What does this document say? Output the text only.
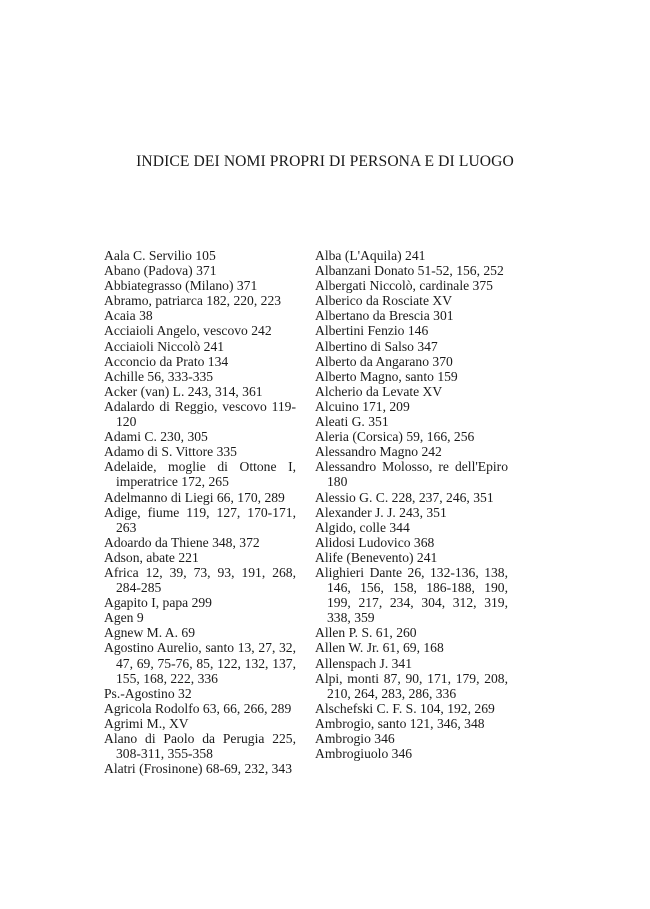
INDICE DEI NOMI PROPRI DI PERSONA E DI LUOGO

Aala C. Servilio 105

Abano (Padova) 371

Abbiategrasso (Milano) 371

Abramo, patriarca 182, 220, 223

Acaia 38

Acciaioli Angelo, vescovo 242

Acciaioli Niccolò 241

Acconcio da Prato 134

Achille 56, 333-335

Acker (van) L. 243, 314, 361

Adalardo di Reggio, vescovo 119-120

Adami C. 230, 305

Adamo di S. Vittore 335

Adelaide, moglie di Ottone I, imperatrice 172, 265

Adelmanno di Liegi 66, 170, 289

Adige, fiume 119, 127, 170-171, 263

Adoardo da Thiene 348, 372

Adson, abate 221

Africa 12, 39, 73, 93, 191, 268, 284-285

Agapito I, papa 299

Agen 9

Agnew M. A. 69

Agostino Aurelio, santo 13, 27, 32, 47, 69, 75-76, 85, 122, 132, 137, 155, 168, 222, 336

Ps.-Agostino 32

Agricola Rodolfo 63, 66, 266, 289

Agrimi M., XV

Alano di Paolo da Perugia 225, 308-311, 355-358

Alatri (Frosinone) 68-69, 232, 343

Alba (L'Aquila) 241

Albanzani Donato 51-52, 156, 252

Albergati Niccolò, cardinale 375

Alberico da Rosciate XV

Albertano da Brescia 301

Albertini Fenzio 146

Albertino di Salso 347

Alberto da Angarano 370

Alberto Magno, santo 159

Alcherio da Levate XV

Alcuino 171, 209

Aleati G. 351

Aleria (Corsica) 59, 166, 256

Alessandro Magno 242

Alessandro Molosso, re dell'Epiro 180

Alessio G. C. 228, 237, 246, 351

Alexander J. J. 243, 351

Algido, colle 344

Alidosi Ludovico 368

Alife (Benevento) 241

Alighieri Dante 26, 132-136, 138, 146, 156, 158, 186-188, 190, 199, 217, 234, 304, 312, 319, 338, 359

Allen P. S. 61, 260

Allen W. Jr. 61, 69, 168

Allenspach J. 341

Alpi, monti 87, 90, 171, 179, 208, 210, 264, 283, 286, 336

Alschefski C. F. S. 104, 192, 269

Ambrogio, santo 121, 346, 348

Ambrogio 346

Ambrogiuolo 346
